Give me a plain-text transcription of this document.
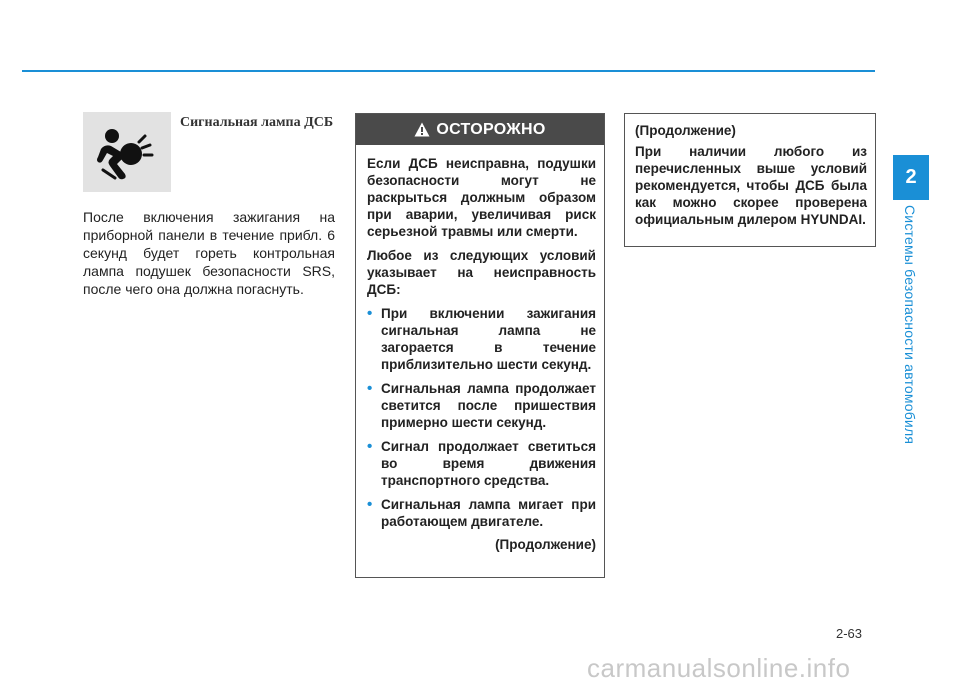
2
Системы безопасности автомобиля
Сигнальная лампа ДСБ
После включения зажигания на приборной панели в течение прибл. 6 секунд будет гореть контрольная лампа подушек безопасности SRS, после чего она должна погаснуть.
ОСТОРОЖНО

Если ДСБ неисправна, подушки безопасности могут не раскрыться должным образом при аварии, увеличивая риск серьезной травмы или смерти.

Любое из следующих условий указывает на неисправность ДСБ:

• При включении зажигания сигнальная лампа не загорается в течение приблизительно шести секунд.
• Сигнальная лампа продолжает светится после пришествия примерно шести секунд.
• Сигнал продолжает светиться во время движения транспортного средства.
• Сигнальная лампа мигает при работающем двигателе.
(Продолжение)

(Продолжение)

При наличии любого из перечисленных выше условий рекомендуется, чтобы ДСБ была как можно скорее проверена официальным дилером HYUNDAI.

2-63
carmanualsonline.info
